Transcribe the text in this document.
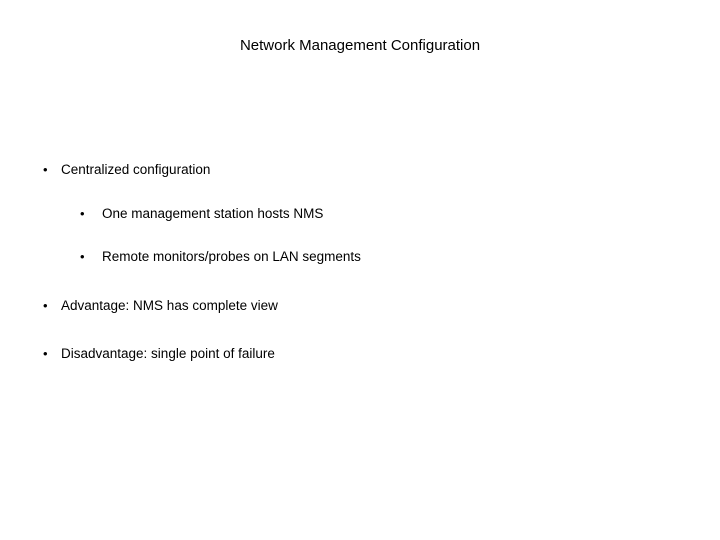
Network Management Configuration
• Centralized configuration
•	One management station hosts NMS
•	Remote monitors/probes on LAN segments
• Advantage: NMS has complete view
• Disadvantage: single point of failure
